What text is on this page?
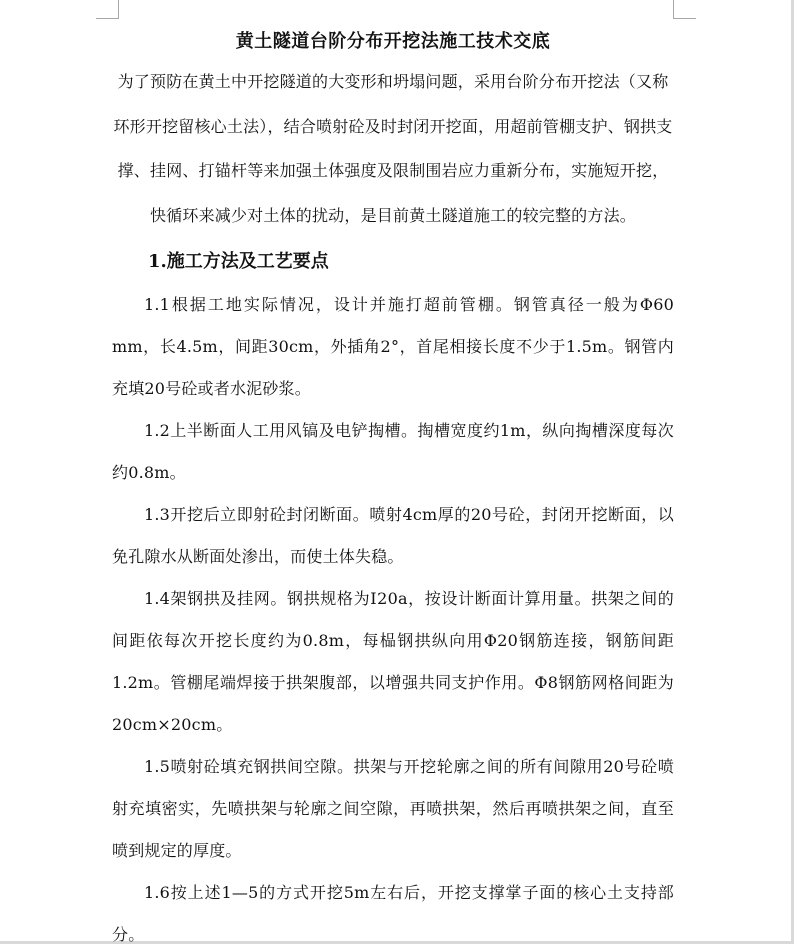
黄土隧道台阶分布开挖法施工技术交底

为了预防在黄土中开挖隧道的大变形和坍塌问题，采用台阶分布开挖法（又称环形开挖留核心土法），结合喷射砼及时封闭开挖面，用超前管棚支护、钢拱支撑、挂网、打锚杆等来加强土体强度及限制围岩应力重新分布，实施短开挖，快循环来减少对土体的扰动，是目前黄土隧道施工的较完整的方法。

1.施工方法及工艺要点

1.1根据工地实际情况，设计并施打超前管棚。钢管真径一般为Φ60 mm，长4.5m，间距30cm，外插角2°，首尾相接长度不少于1.5m。钢管内充填20号砼或者水泥砂浆。

1.2上半断面人工用风镐及电铲掏槽。掏槽宽度约1m，纵向掏槽深度每次约0.8m。

1.3开挖后立即射砼封闭断面。喷射4cm厚的20号砼，封闭开挖断面，以免孔隙水从断面处渗出，而使土体失稳。

1.4架钢拱及挂网。钢拱规格为Ⅰ20a，按设计断面计算用量。拱架之间的间距依每次开挖长度约为0.8m，每榀钢拱纵向用Φ20钢筋连接，钢筋间距1.2m。管棚尾端焊接于拱架腹部，以增强共同支护作用。Φ8钢筋网格间距为20cm×20cm。

1.5喷射砼填充钢拱间空隙。拱架与开挖轮廓之间的所有间隙用20号砼喷射充填密实，先喷拱架与轮廓之间空隙，再喷拱架，然后再喷拱架之间，直至喷到规定的厚度。

1.6按上述1—5的方式开挖5m左右后，开挖支撑掌子面的核心土支持部分。
